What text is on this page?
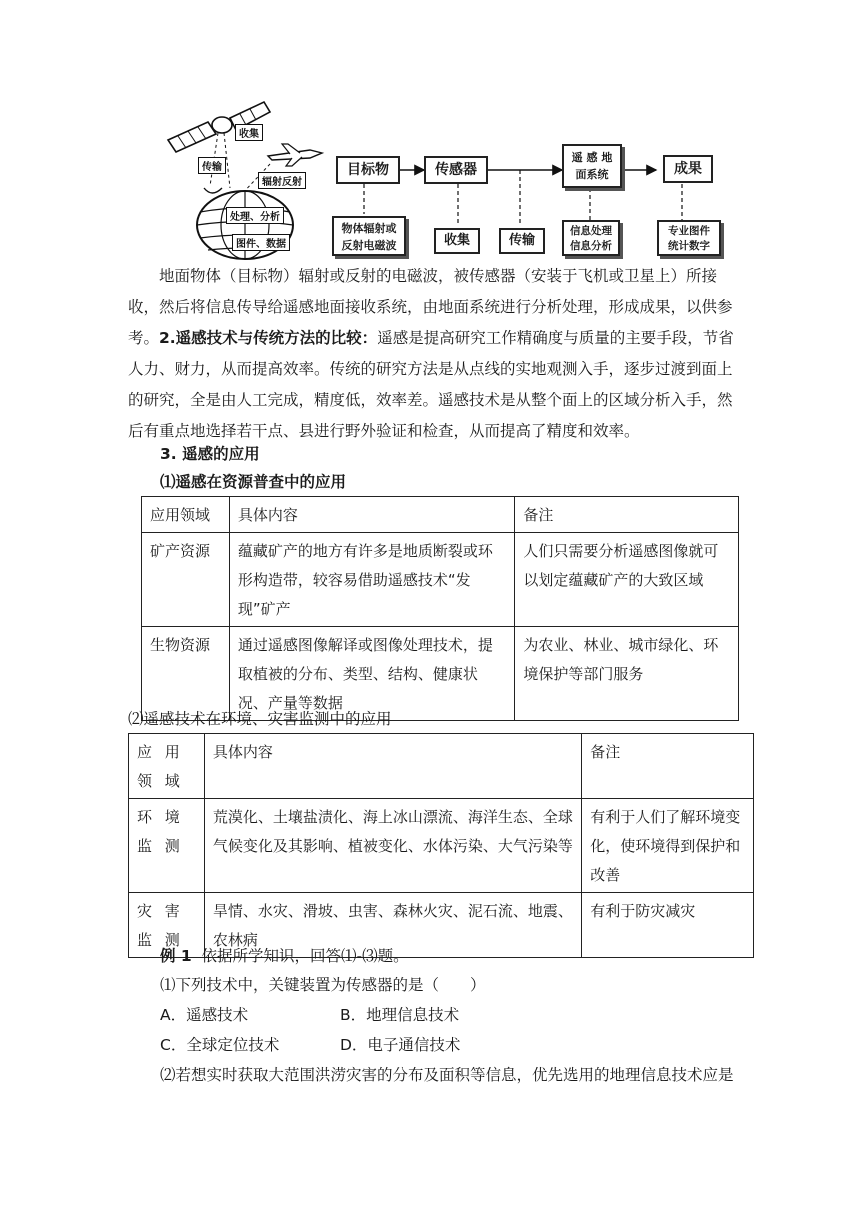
收集
传输
辐射反射
处理、分析
图件、数据
目标物	传感器
遥 感 地
面系统	成果
物体辐射或
反射电磁波	收集	传输
信息处理
信息分析
专业图件
统计数字

地面物体（目标物）辐射或反射的电磁波，被传感器（安装于飞机或卫星上）所接收，然后将信息传导给遥感地面接收系统，由地面系统进行分析处理，形成成果，以供参考。 2.遥感技术与传统方法的比较：遥感是提高研究工作精确度与质量的主要手段，节省人力、财力，从而提高效率。传统的研究方法是从点线的实地观测入手，逐步过渡到面上的研究，全是由人工完成，精度低，效率差。遥感技术是从整个面上的区域分析入手，然后有重点地选择若干点、县进行野外验证和检查，从而提高了精度和效率。

3. 遥感的应用
⑴遥感在资源普查中的应用
应用领域	具体内容	备注
矿产资源	蕴藏矿产的地方有许多是地质断裂或环形构造带，较容易借助遥感技术“发现”矿产	人们只需要分析遥感图像就可以划定蕴藏矿产的大致区域
生物资源	通过遥感图像解译或图像处理技术，提取植被的分布、类型、结构、健康状况、产量等数据	为农业、林业、城市绿化、环境保护等部门服务
⑵遥感技术在环境、灾害监测中的应用
应 用 领 域	具体内容	备注
环 境 监 测	荒漠化、土壤盐渍化、海上冰山漂流、海洋生态、全球气候变化及其影响、植被变化、水体污染、大气污染等	有利于人们了解环境变化，使环境得到保护和改善
灾 害 监 测	旱情、水灾、滑坡、虫害、森林火灾、泥石流、地震、农林病	有利于防灾减灾
例 1 依据所学知识，回答⑴-⑶题。
⑴下列技术中，关键装置为传感器的是（　　）
A．遥感技术	B．地理信息技术
C．全球定位技术	D．电子通信技术
⑵若想实时获取大范围洪涝灾害的分布及面积等信息，优先选用的地理信息技术应是
